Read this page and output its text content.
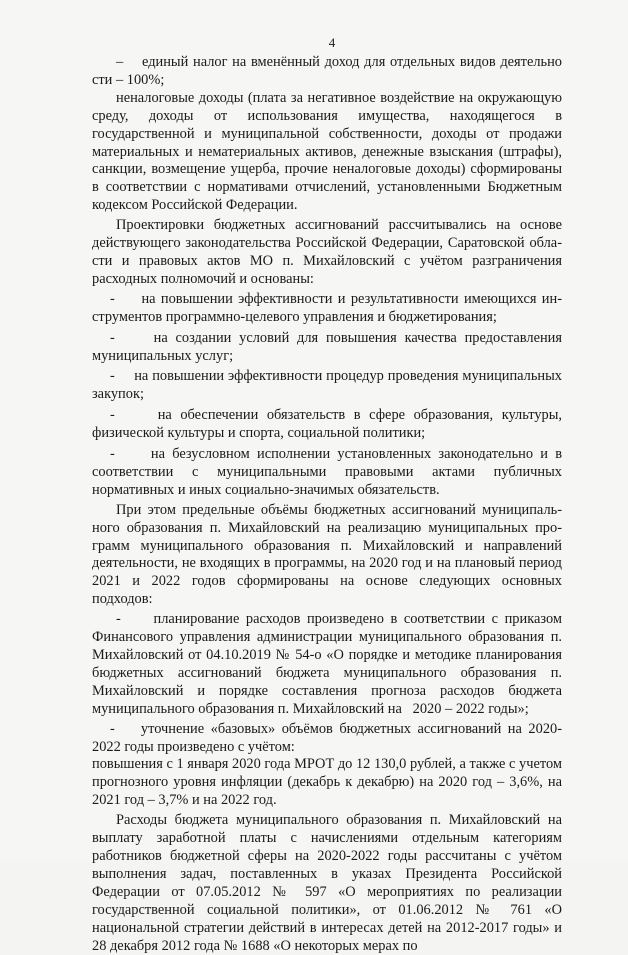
4

–    единый налог на вменённый доход для отдельных видов деятельно сти – 100%;

неналоговые доходы (плата за негативное воздействие на окружающую среду, доходы от использования имущества, находящегося в государственной и муниципальной собственности, доходы от продажи материальных и нематериальных активов, денежные взыскания (штрафы), санкции, возмещение ущерба, прочие неналоговые доходы) сформированы в соответствии с нормативами отчислений, установленными Бюджетным кодексом Российской Федерации.

Проектировки бюджетных ассигнований рассчитывались на основе действующего законодательства Российской Федерации, Саратовской обла- сти и правовых актов МО п. Михайловский с учётом разграничения расходных полномочий и основаны:

-     на повышении эффективности и результативности имеющихся ин- струментов программно-целевого управления и бюджетирования;

-     на создании условий для повышения качества предоставления муниципальных услуг;

-     на повышении эффективности процедур проведения муниципальных закупок;

-     на обеспечении обязательств в сфере образования, культуры, физической культуры и спорта, социальной политики;

-     на безусловном исполнении установленных законодательно и в соответствии с муниципальными правовыми актами публичных нормативных и иных социально-значимых обязательств.

При этом предельные объёмы бюджетных ассигнований муниципаль- ного образования п. Михайловский на реализацию муниципальных про- грамм муниципального образования п. Михайловский и направлений деятельности, не входящих в программы, на 2020 год и на плановый период 2021 и 2022 годов сформированы на основе следующих основных подходов:

-     планирование расходов произведено в соответствии с приказом Финансового управления администрации муниципального образования п. Михайловский от 04.10.2019 № 54-о «О порядке и методике планирования бюджетных ассигнований бюджета муниципального образования п. Михайловский и порядке составления прогноза расходов бюджета муниципального образования п. Михайловский на   2020 – 2022 годы»;

-    уточнение «базовых» объёмов бюджетных ассигнований на 2020- 2022 годы произведено с учётом:

повышения с 1 января 2020 года МРОТ до 12 130,0 рублей, а также с учетом прогнозного уровня инфляции (декабрь к декабрю) на 2020 год – 3,6%, на 2021 год – 3,7% и на 2022 год.

Расходы бюджета муниципального образования п. Михайловский на выплату заработной платы с начислениями отдельным категориям работников бюджетной сферы на 2020-2022 годы рассчитаны с учётом выполнения задач, поставленных в указах Президента Российской Федерации от 07.05.2012 № 597 «О мероприятиях по реализации государственной социальной политики», от 01.06.2012 № 761 «О национальной стратегии действий в интересах детей на 2012-2017 годы» и 28 декабря 2012 года № 1688 «О некоторых мерах по
